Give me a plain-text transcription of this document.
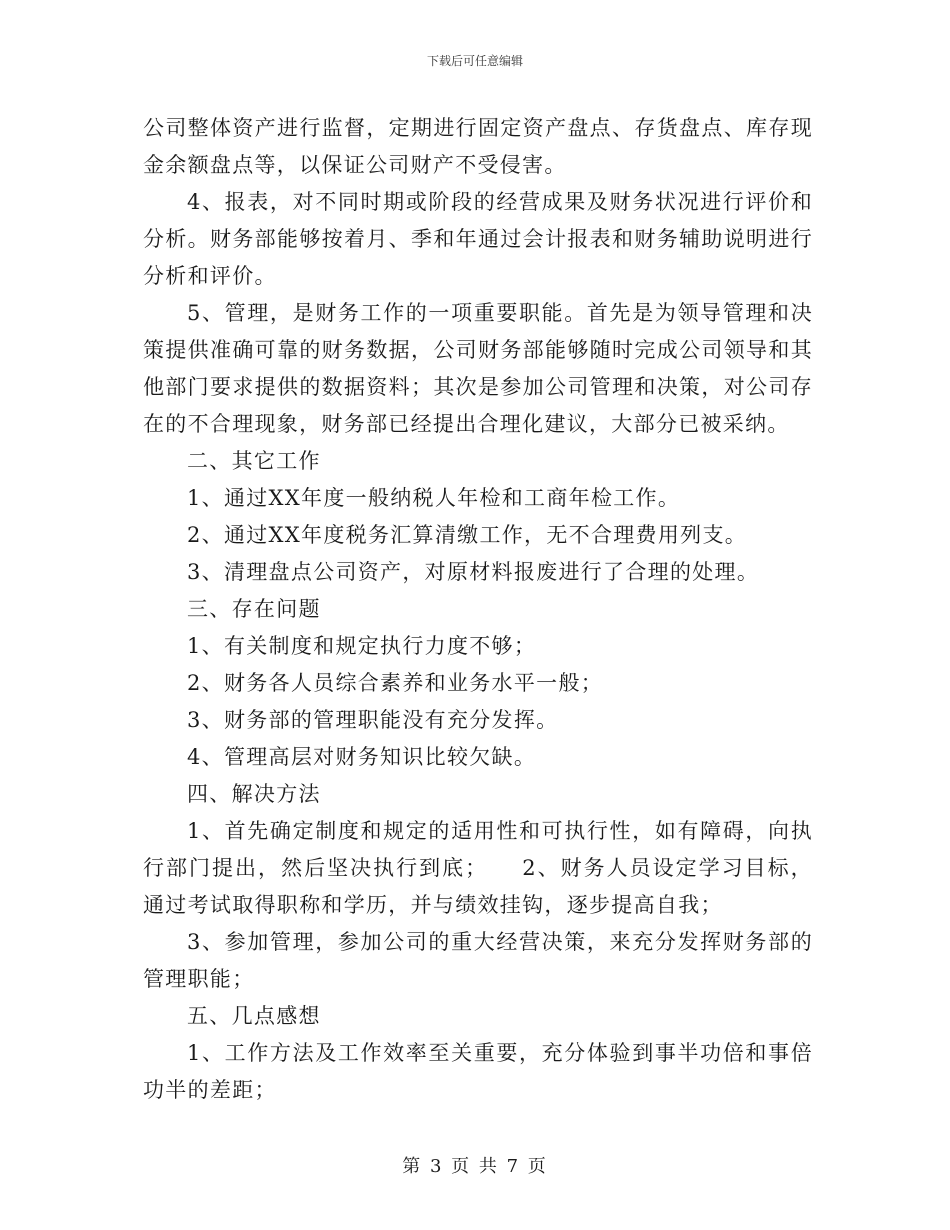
下载后可任意编辑

公司整体资产进行监督，定期进行固定资产盘点、存货盘点、库存现金余额盘点等，以保证公司财产不受侵害。

4、报表，对不同时期或阶段的经营成果及财务状况进行评价和分析。财务部能够按着月、季和年通过会计报表和财务辅助说明进行分析和评价。

5、管理，是财务工作的一项重要职能。首先是为领导管理和决策提供准确可靠的财务数据，公司财务部能够随时完成公司领导和其他部门要求提供的数据资料；其次是参加公司管理和决策，对公司存在的不合理现象，财务部已经提出合理化建议，大部分已被采纳。

二、其它工作

1、通过XX年度一般纳税人年检和工商年检工作。

2、通过XX年度税务汇算清缴工作，无不合理费用列支。

3、清理盘点公司资产，对原材料报废进行了合理的处理。

三、存在问题

1、有关制度和规定执行力度不够；

2、财务各人员综合素养和业务水平一般；

3、财务部的管理职能没有充分发挥。

4、管理高层对财务知识比较欠缺。

四、解决方法

1、首先确定制度和规定的适用性和可执行性，如有障碍，向执行部门提出，然后坚决执行到底；    2、财务人员设定学习目标，通过考试取得职称和学历，并与绩效挂钩，逐步提高自我；

3、参加管理，参加公司的重大经营决策，来充分发挥财务部的管理职能；

五、几点感想

1、工作方法及工作效率至关重要，充分体验到事半功倍和事倍功半的差距；

第 3 页 共 7 页
